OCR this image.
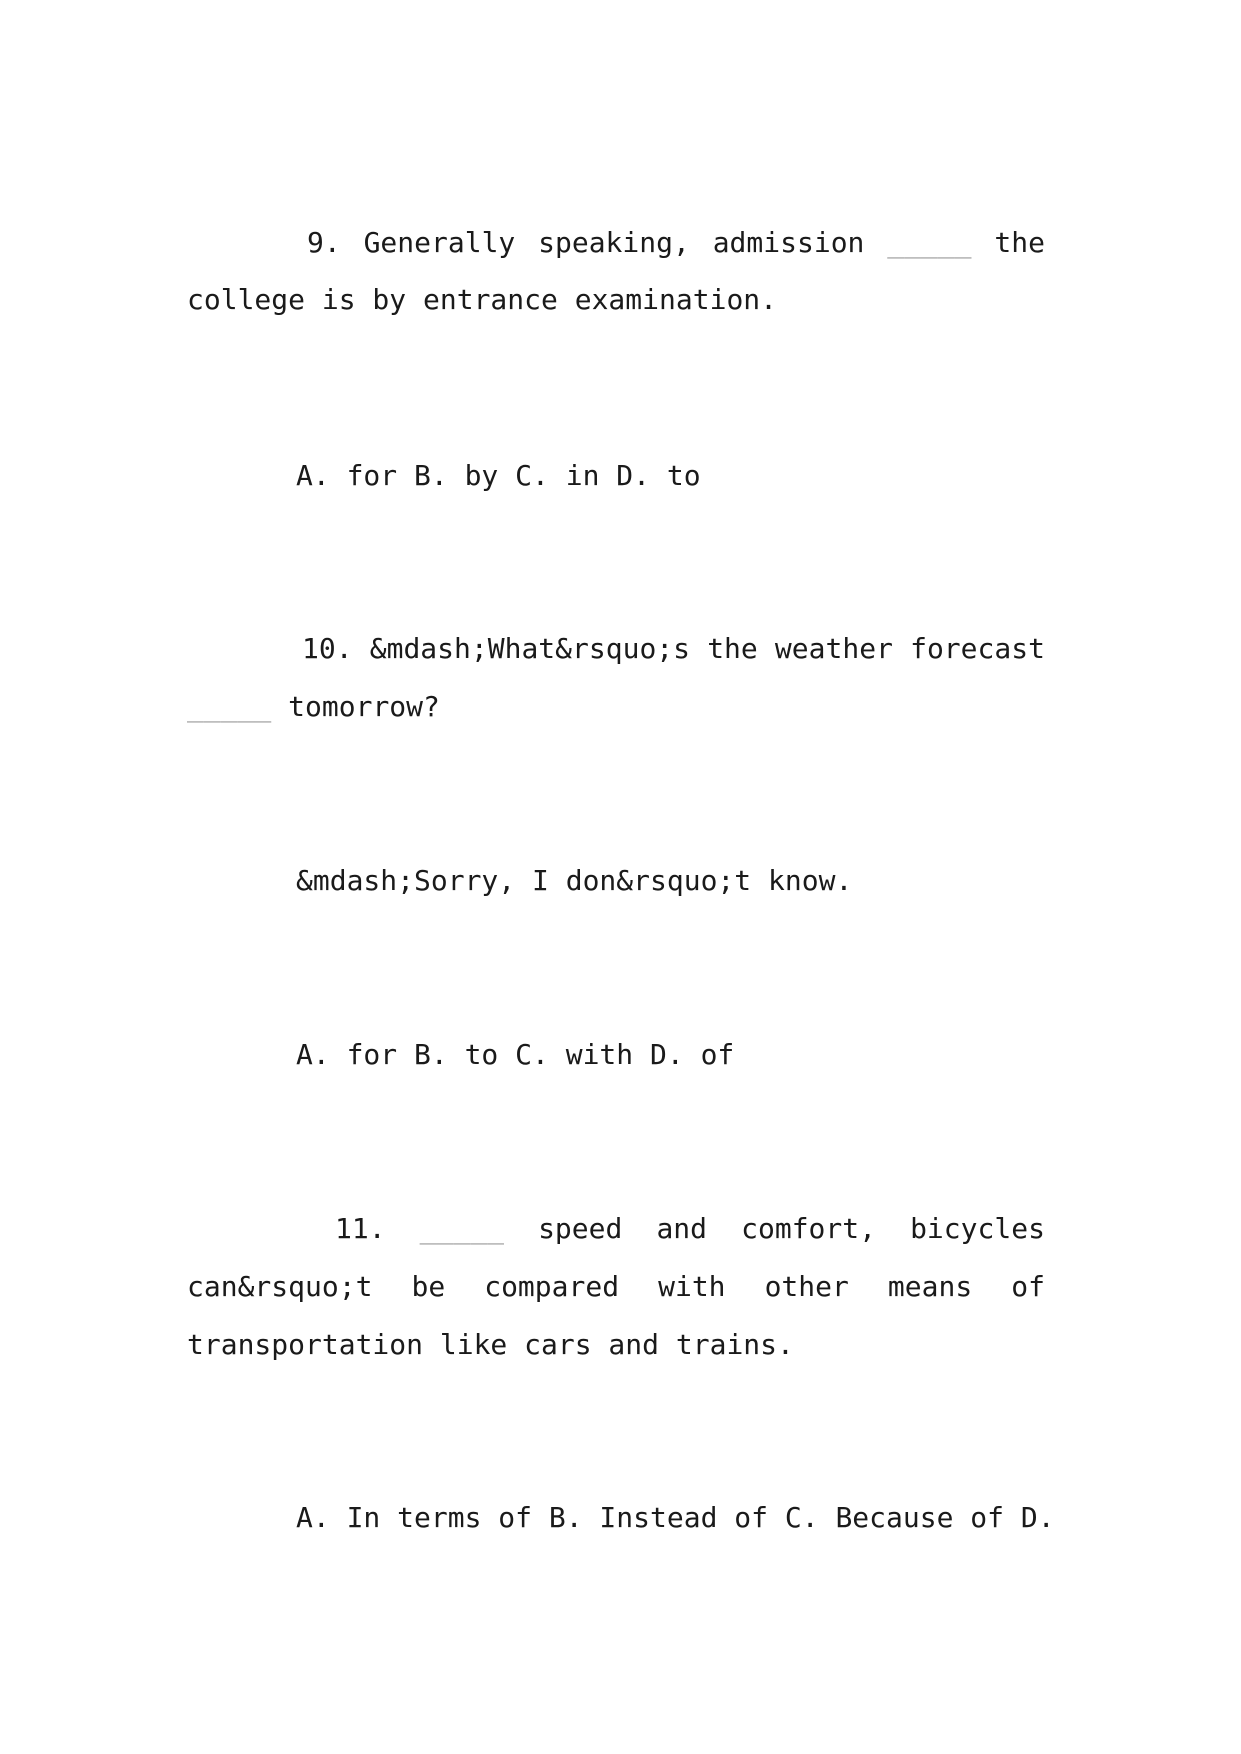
9. Generally speaking, admission _____ the
college is by entrance examination.
A. for B. by C. in D. to
10. &mdash;What&rsquo;s the weather forecast
_____ tomorrow?
&mdash;Sorry, I don&rsquo;t know.
A. for B. to C. with D. of
11. _____ speed and comfort, bicycles
can&rsquo;t be compared with other means of
transportation like cars and trains.
A. In terms of B. Instead of C. Because of D.
